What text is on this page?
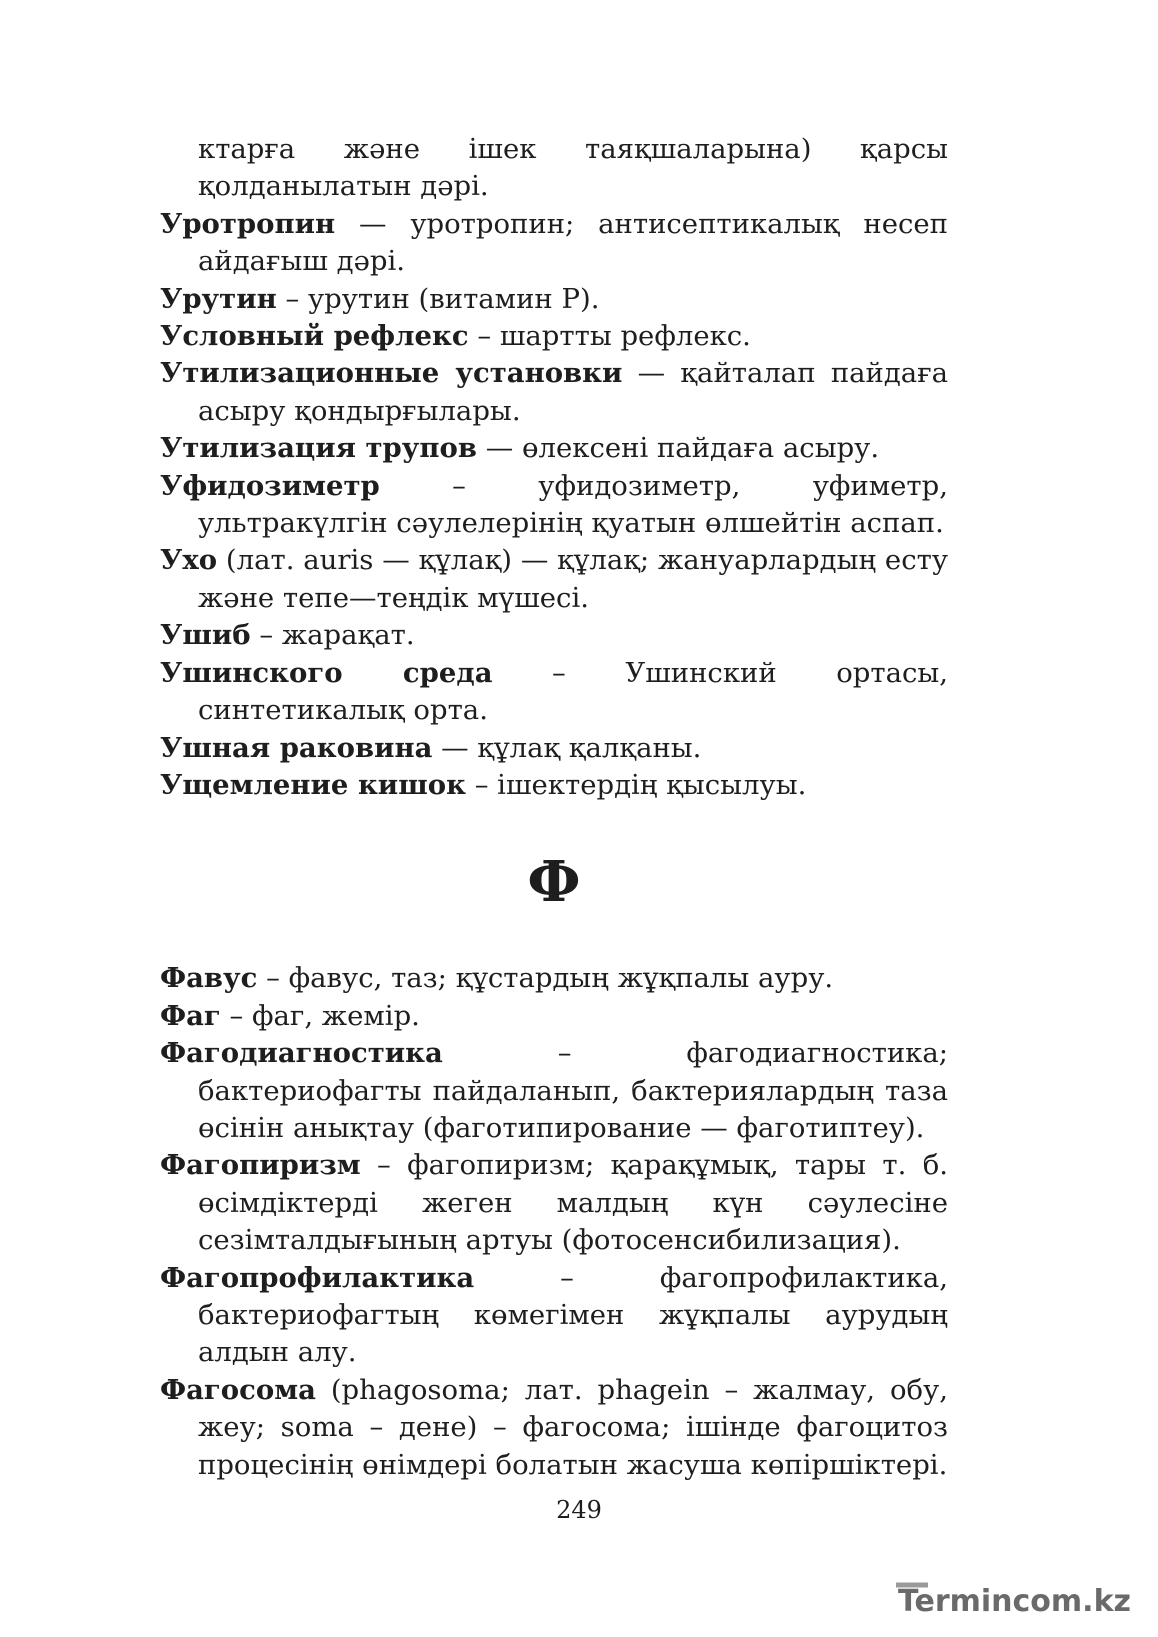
ктарға және ішек таяқшаларына) қарсы қолданылатын дәрі.

Уротропин — уротропин; антисептикалық несеп айдағыш дәрі.

Урутин – урутин (витамин Р).

Условный рефлекс – шартты рефлекс.

Утилизационные установки — қайталап пайдаға асыру қондырғылары.

Утилизация трупов — өлексені пайдаға асыру.

Уфидозиметр – уфидозиметр, уфиметр, ультракүлгін сәулелерінің қуатын өлшейтін аспап.

Ухо (лат. auris — құлақ) — құлақ; жануарлардың есту және тепе—теңдік мүшесі.

Ушиб – жарақат.

Ушинского среда – Ушинский ортасы, синтетикалық орта.

Ушная раковина — құлақ қалқаны.

Ущемление кишок – ішектердің қысылуы.

Ф

Фавус – фавус, таз; құстардың жұқпалы ауру.

Фаг – фаг, жемір.

Фагодиагностика – фагодиагностика; бактериофагты пайдаланып, бактериялардың таза өсінін анықтау (фаготипирование — фаготиптеу).

Фагопиризм – фагопиризм; қарақұмық, тары т. б. өсімдіктерді жеген малдың күн сәулесіне сезімталдығының артуы (фотосенсибилизация).

Фагопрофилактика – фагопрофилактика, бактериофагтың көмегімен жұқпалы аурудың алдын алу.

Фагосома (phagosoma; лат. phagein – жалмау, обу, жеу; soma – дене) – фагосома; ішінде фагоцитоз процесінің өнімдері болатын жасуша көпіршіктері.

249
Termincom.kz
